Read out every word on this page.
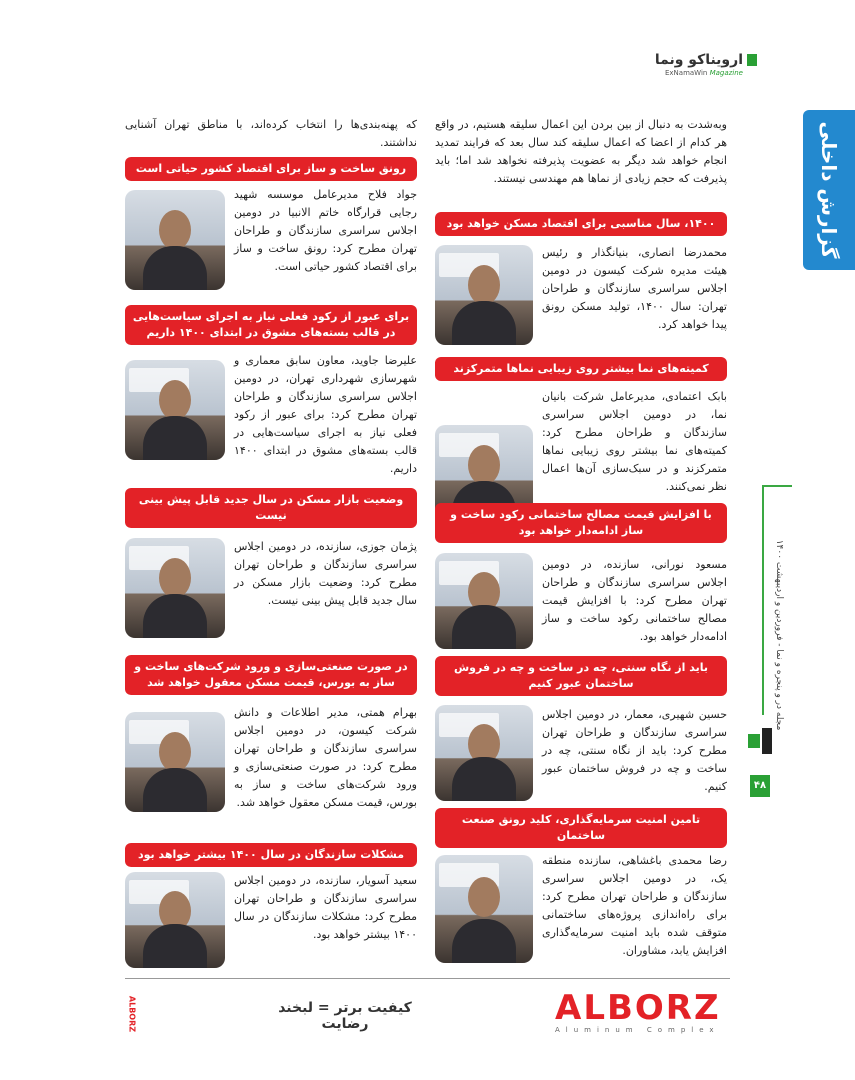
ارویناکو ونما
ExNamaWin Magazine
گزارش داخلی
مجله در و پنجره و نما - فروردین و اردیبهشت ۱۴۰۰
۴۸
وبه‌شدت به دنبال از بین بردن این اعمال سلیقه هستیم، در واقع هر کدام از اعضا که اعمال سلیقه کند سال بعد که فرایند تمدید انجام خواهد شد دیگر به عضویت پذیرفته نخواهد شد اما؛ باید پذیرفت که حجم زیادی از نماها هم مهندسی نیستند.
۱۴۰۰، سال مناسبی برای اقتصاد مسکن خواهد بود
محمدرضا انصاری، بنیانگذار و رئیس هیئت مدیره شرکت کیسون در دومین اجلاس سراسری سازندگان و طراحان تهران: سال ۱۴۰۰، تولید مسکن رونق پیدا خواهد کرد.
کمیته‌های نما بیشتر روی زیبایی نماها متمرکزند
بابک اعتمادی، مدیرعامل شرکت بانیان نما، در دومین اجلاس سراسری سازندگان و طراحان مطرح کرد: کمیته‌های نما بیشتر روی زیبایی نماها متمرکزند و در سبک‌سازی آن‌ها اعمال نظر نمی‌کنند.
با افزایش قیمت مصالح ساختمانی رکود ساخت و ساز ادامه‌دار خواهد بود
مسعود نورانی، سازنده، در دومین اجلاس سراسری سازندگان و طراحان تهران مطرح کرد: با افزایش قیمت مصالح ساختمانی رکود ساخت و ساز ادامه‌دار خواهد بود.
باید از نگاه سنتی، چه در ساخت و چه در فروش ساختمان عبور کنیم
حسین شهیری، معمار، در دومین اجلاس سراسری سازندگان و طراحان تهران مطرح کرد: باید از نگاه سنتی، چه در ساخت و چه در فروش ساختمان عبور کنیم.
تامین امنیت سرمایه‌گذاری، کلید رونق صنعت ساختمان
رضا محمدی باغشاهی، سازنده منطقه یک، در دومین اجلاس سراسری سازندگان و طراحان تهران مطرح کرد: برای راه‌اندازی پروژه‌های ساختمانی متوقف شده باید امنیت سرمایه‌گذاری افزایش یابد، مشاوران.
که پهنه‌بندی‌ها را انتخاب کرده‌اند، با مناطق تهران آشنایی نداشتند.
رونق ساخت و ساز برای اقتصاد کشور حیاتی است
جواد فلاح مدیرعامل موسسه شهید رجایی قرارگاه خاتم الانبیا در دومین اجلاس سراسری سازندگان و طراحان تهران مطرح کرد: رونق ساخت و ساز برای اقتصاد کشور حیاتی است.
برای عبور از رکود فعلی نیاز به اجرای سیاست‌هایی در قالب بسته‌های مشوق در ابتدای ۱۴۰۰ داریم
علیرضا جاوید، معاون سابق معماری و شهرسازی شهرداری تهران، در دومین اجلاس سراسری سازندگان و طراحان تهران مطرح کرد: برای عبور از رکود فعلی نیاز به اجرای سیاست‌هایی در قالب بسته‌های مشوق در ابتدای ۱۴۰۰ داریم.
وضعیت بازار مسکن در سال جدید قابل پیش بینی نیست
پژمان جوزی، سازنده، در دومین اجلاس سراسری سازندگان و طراحان تهران مطرح کرد: وضعیت بازار مسکن در سال جدید قابل پیش بینی نیست.
در صورت صنعتی‌سازی و ورود شرکت‌های ساخت و ساز به بورس، قیمت مسکن معقول خواهد شد
بهرام همتی، مدیر اطلاعات و دانش شرکت کیسون، در دومین اجلاس سراسری سازندگان و طراحان تهران مطرح کرد: در صورت صنعتی‌سازی و ورود شرکت‌های ساخت و ساز به بورس، قیمت مسکن معقول خواهد شد.
مشکلات سازندگان در سال ۱۴۰۰ بیشتر خواهد بود
سعید آسویار، سازنده، در دومین اجلاس سراسری سازندگان و طراحان تهران مطرح کرد: مشکلات سازندگان در سال ۱۴۰۰ بیشتر خواهد بود.
ALBORZ
Aluminum Complex
کیفیت برتر = لبخند رضایت
ALBORZ
